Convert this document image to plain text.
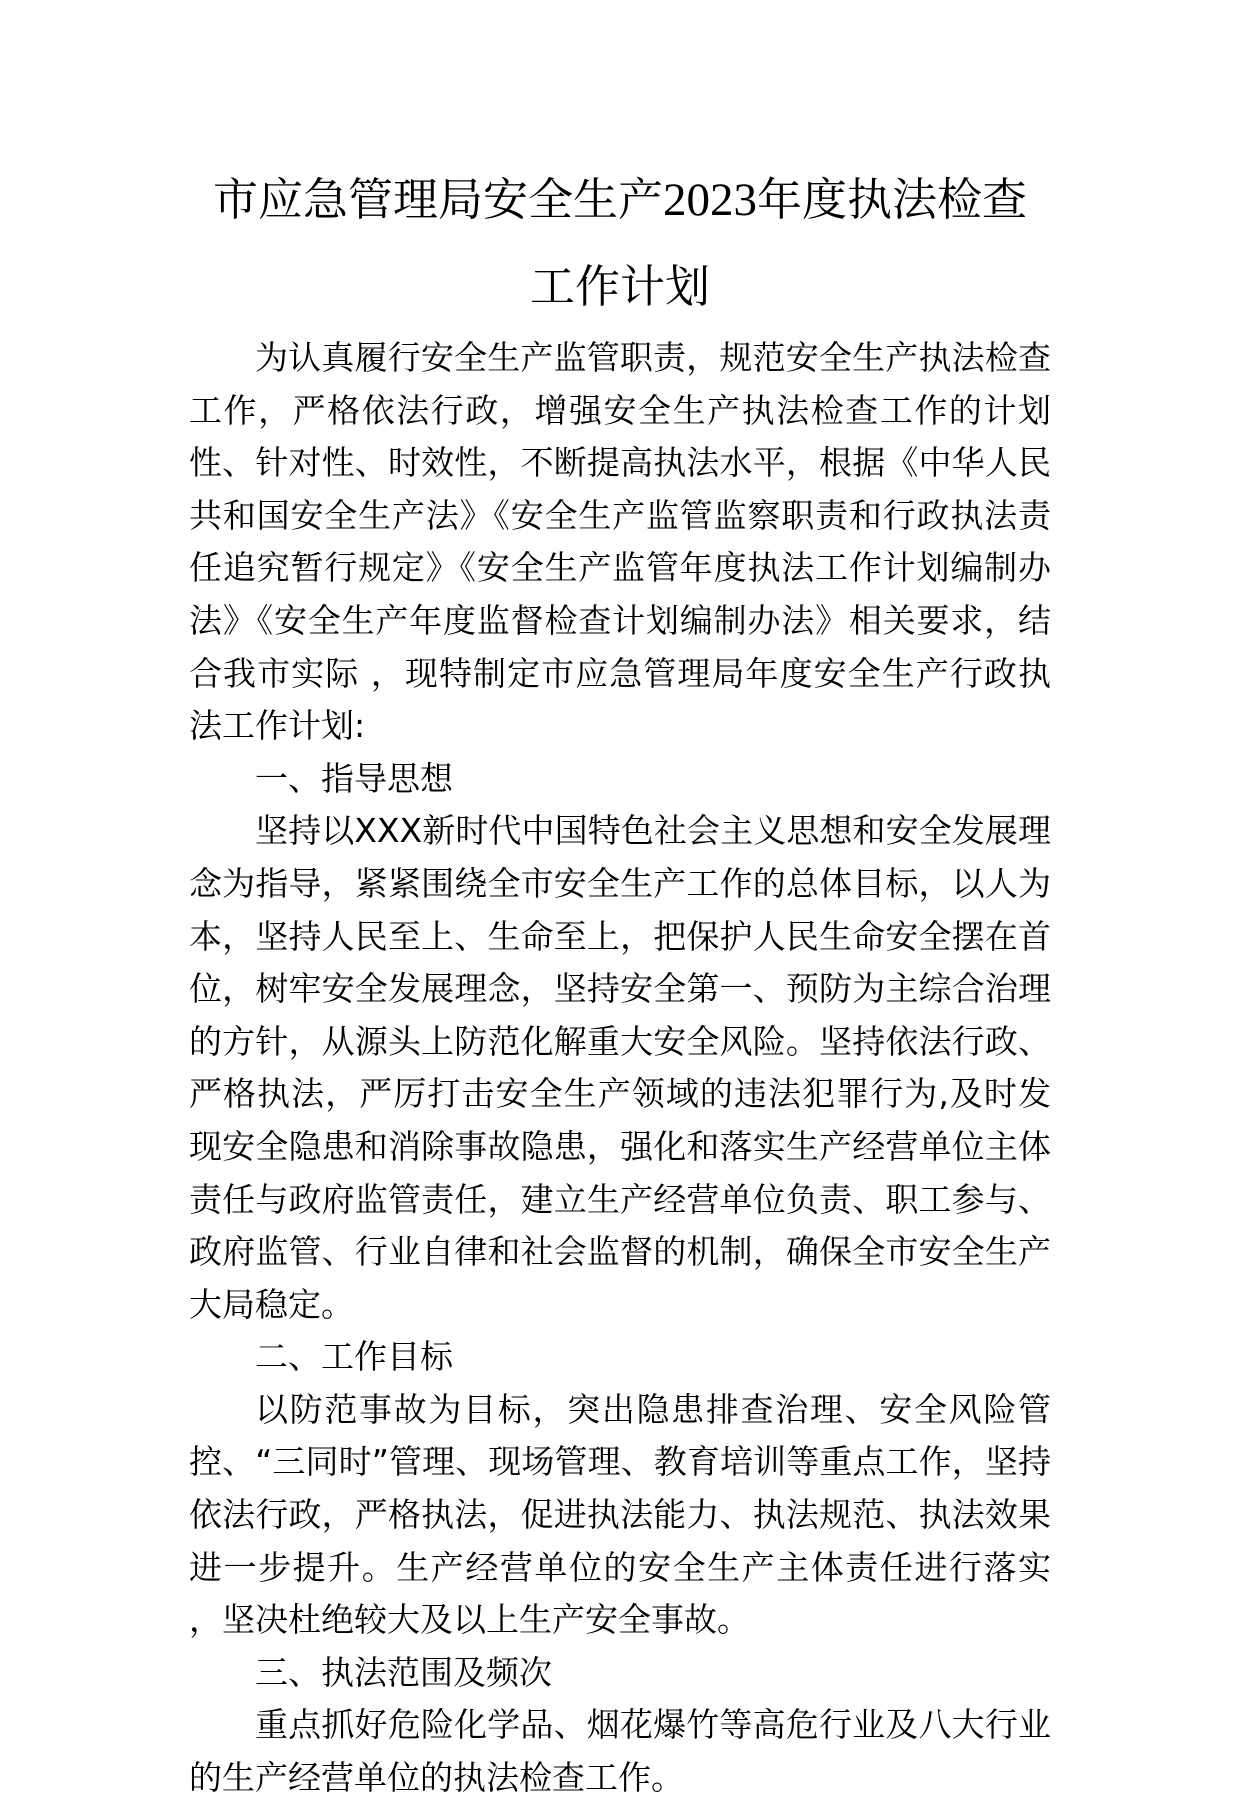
市应急管理局安全生产2023年度执法检查
工作计划

为认真履行安全生产监管职责，规范安全生产执法检查工作，严格依法行政，增强安全生产执法检查工作的计划性、针对性、时效性，不断提高执法水平，根据《中华人民共和国安全生产法》《安全生产监管监察职责和行政执法责任追究暂行规定》《安全生产监管年度执法工作计划编制办法》《安全生产年度监督检查计划编制办法》相关要求，结合我市实际 ，现特制定市应急管理局年度安全生产行政执法工作计划:

一、指导思想

坚持以XXX新时代中国特色社会主义思想和安全发展理念为指导，紧紧围绕全市安全生产工作的总体目标，以人为本，坚持人民至上、生命至上，把保护人民生命安全摆在首位，树牢安全发展理念，坚持安全第一、预防为主综合治理的方针，从源头上防范化解重大安全风险。坚持依法行政、严格执法，严厉打击安全生产领域的违法犯罪行为,及时发现安全隐患和消除事故隐患，强化和落实生产经营单位主体责任与政府监管责任，建立生产经营单位负责、职工参与、政府监管、行业自律和社会监督的机制，确保全市安全生产大局稳定。

二、工作目标

以防范事故为目标，突出隐患排查治理、安全风险管控、“三同时”管理、现场管理、教育培训等重点工作，坚持依法行政，严格执法，促进执法能力、执法规范、执法效果进一步提升。生产经营单位的安全生产主体责任进行落实 ，坚决杜绝较大及以上生产安全事故。

三、执法范围及频次

重点抓好危险化学品、烟花爆竹等高危行业及八大行业的生产经营单位的执法检查工作。
